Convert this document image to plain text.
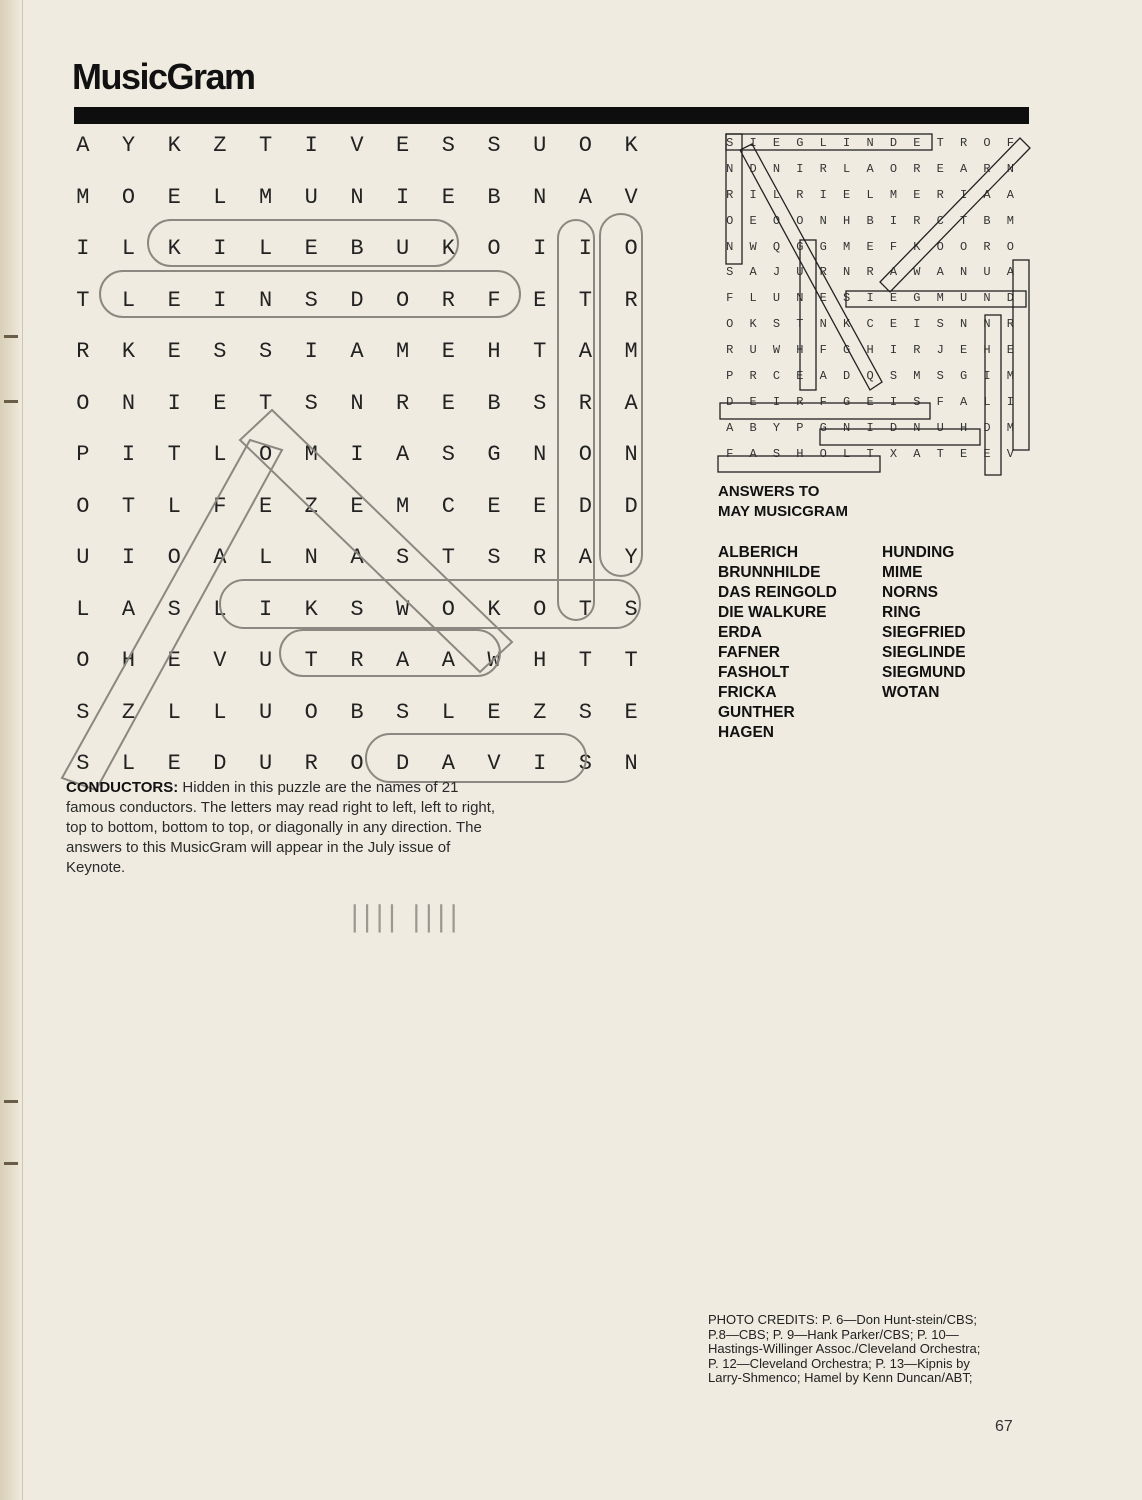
MusicGram
A	Y	K	Z	T	I	V	E	S	S	U	O	K
M	O	E	L	M	U	N	I	E	B	N	A	V
I	L	K	I	L	E	B	U	K	O	I	I	O
T	L	E	I	N	S	D	O	R	F	E	T	R
R	K	E	S	S	I	A	M	E	H	T	A	M
O	N	I	E	T	S	N	R	E	B	S	R	A
P	I	T	L	O	M	I	A	S	G	N	O	N
O	T	L	F	E	Z	E	M	C	E	E	D	D
U	I	O	A	L	N	A	S	T	S	R	A	Y
L	A	S	L	I	K	S	W	O	K	O	T	S
O	H	E	V	U	T	R	A	A	W	H	T	T
S	Z	L	L	U	O	B	S	L	E	Z	S	E
S	L	E	D	U	R	O	D	A	V	I	S	N

CONDUCTORS: Hidden in this puzzle are the names of 21 famous conductors. The letters may read right to left, left to right, top to bottom, bottom to top, or diagonally in any direction. The answers to this MusicGram will appear in the July issue of Keynote.

|||| ||||
S	I	E	G	L	I	N	D	E	T	R	O	F
N	D	N	I	R	L	A	O	R	E	A	R	N
R	I	L	R	I	E	L	M	E	R	I	A	A
O	E	O	O	N	H	B	I	R	C	T	B	M
N	W	Q	G	G	M	E	F	K	O	O	R	O
S	A	J	U	R	N	R	A	W	A	N	U	A
F	L	U	N	E	S	I	E	G	M	U	N	D
O	K	S	T	N	K	C	E	I	S	N	N	R
R	U	W	H	F	G	H	I	R	J	E	H	E
P	R	C	E	A	D	Q	S	M	S	G	I	M
D	E	I	R	F	G	E	I	S	F	A	L	I
A	B	Y	P	G	N	I	D	N	U	H	D	M
F	A	S	H	O	L	T	X	A	T	E	E	V
ANSWERS TO
MAY MUSICGRAM
ALBERICH
BRUNNHILDE
DAS REINGOLD
DIE WALKURE
ERDA
FAFNER
FASHOLT
FRICKA
GUNTHER
HAGEN
HUNDING
MIME
NORNS
RING
SIEGFRIED
SIEGLINDE
SIEGMUND
WOTAN

PHOTO CREDITS: P. 6—Don Hunt-stein/CBS; P.8—CBS; P. 9—Hank Parker/CBS; P. 10—Hastings-Willinger Assoc./Cleveland Orchestra; P. 12—Cleveland Orchestra; P. 13—Kipnis by Larry-Shmenco; Hamel by Kenn Duncan/ABT;

67
